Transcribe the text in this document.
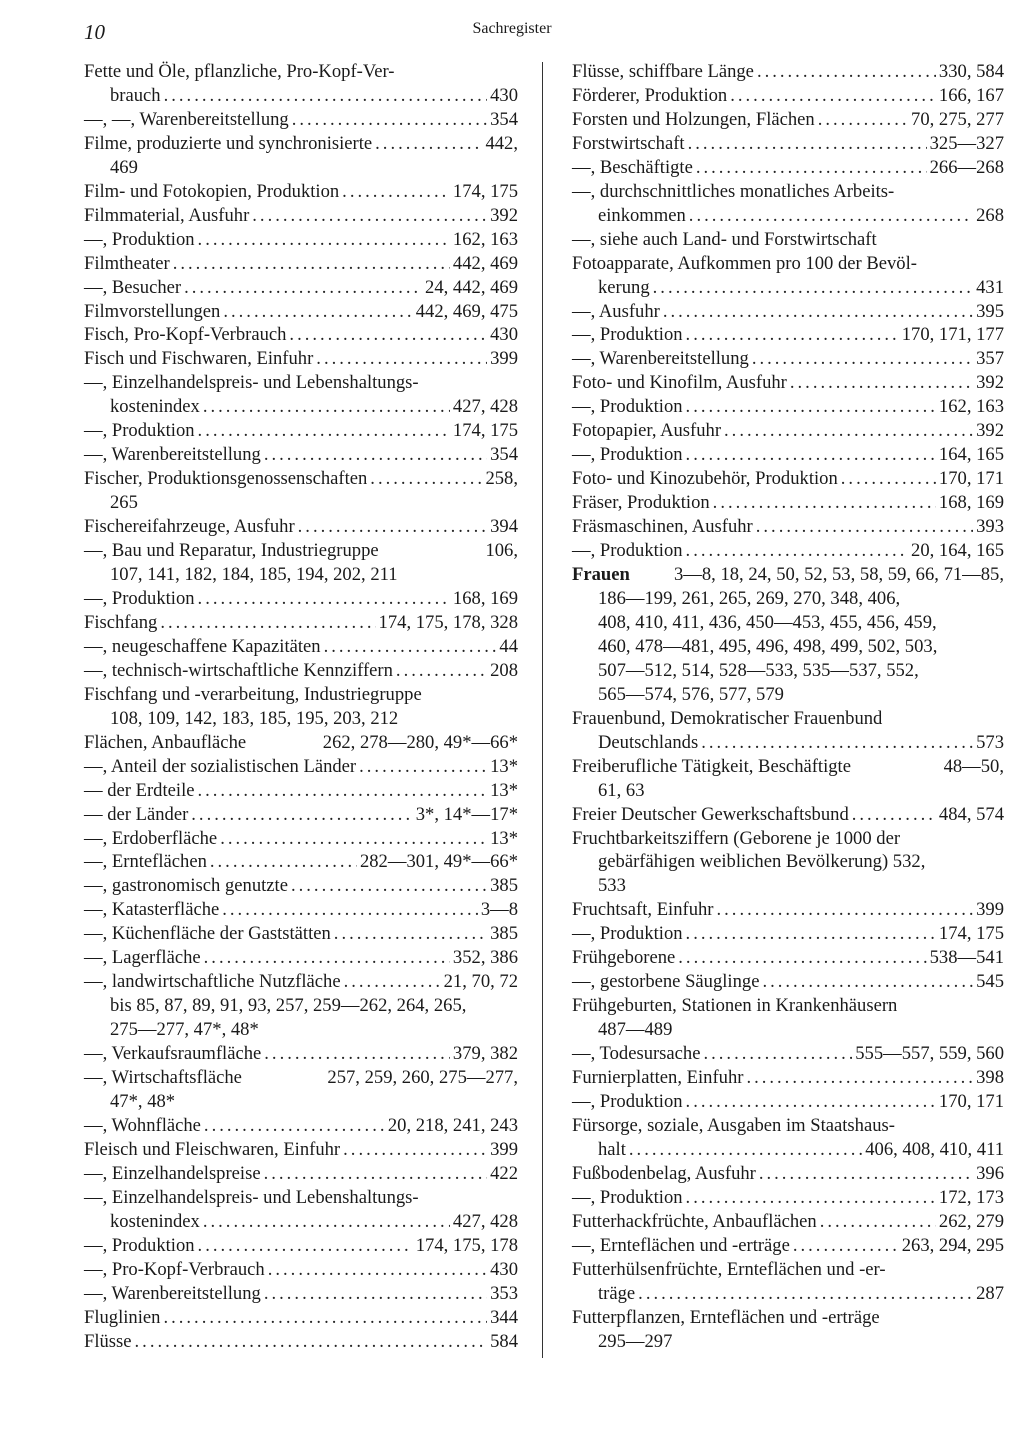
10	Sachregister
Fette und Öle, pflanzliche, Pro-Kopf-Ver-
brauch .....	430
—, —, Warenbereitstellung .....	354
Filme, produzierte und synchronisierte .....	442,
469
Film- und Fotokopien, Produktion .....	174, 175
Filmmaterial, Ausfuhr .....	392
—, Produktion .....	162, 163
Filmtheater .....	442, 469
—, Besucher .....	24, 442, 469
Filmvorstellungen .....	442, 469, 475
Fisch, Pro-Kopf-Verbrauch .....	430
Fisch und Fischwaren, Einfuhr .....	399
—, Einzelhandelspreis- und Lebenshaltungs-
kostenindex .....	427, 428
—, Produktion .....	174, 175
—, Warenbereitstellung .....	354
Fischer, Produktionsgenossenschaften .....	258,
265
Fischereifahrzeuge, Ausfuhr .....	394
—, Bau und Reparatur, Industriegruppe	106,
107, 141, 182, 184, 185, 194, 202, 211
—, Produktion .....	168, 169
Fischfang .....	174, 175, 178, 328
—, neugeschaffene Kapazitäten .....	44
—, technisch-wirtschaftliche Kennziffern .....	208
Fischfang und -verarbeitung, Industriegruppe
108, 109, 142, 183, 185, 195, 203, 212
Flächen, Anbaufläche	262, 278—280, 49*—66*
—, Anteil der sozialistischen Länder .....	13*
— der Erdteile .....	13*
— der Länder .....	3*, 14*—17*
—, Erdoberfläche .....	13*
—, Ernteflächen .....	282—301, 49*—66*
—, gastronomisch genutzte .....	385
—, Katasterfläche .....	3—8
—, Küchenfläche der Gaststätten .....	385
—, Lagerfläche .....	352, 386
—, landwirtschaftliche Nutzfläche .....	21, 70, 72
bis 85, 87, 89, 91, 93, 257, 259—262, 264, 265,
275—277, 47*, 48*
—, Verkaufsraumfläche .....	379, 382
—, Wirtschaftsfläche	257, 259, 260, 275—277,
47*, 48*
—, Wohnfläche .....	20, 218, 241, 243
Fleisch und Fleischwaren, Einfuhr .....	399
—, Einzelhandelspreise .....	422
—, Einzelhandelspreis- und Lebenshaltungs-
kostenindex .....	427, 428
—, Produktion .....	174, 175, 178
—, Pro-Kopf-Verbrauch .....	430
—, Warenbereitstellung .....	353
Fluglinien .....	344
Flüsse .....	584
Flüsse, schiffbare Länge .....	330, 584
Förderer, Produktion .....	166, 167
Forsten und Holzungen, Flächen .....	70, 275, 277
Forstwirtschaft .....	325—327
—, Beschäftigte .....	266—268
—, durchschnittliches monatliches Arbeits-
einkommen .....	268
—, siehe auch Land- und Forstwirtschaft
Fotoapparate, Aufkommen pro 100 der Bevöl-
kerung .....	431
—, Ausfuhr .....	395
—, Produktion .....	170, 171, 177
—, Warenbereitstellung .....	357
Foto- und Kinofilm, Ausfuhr .....	392
—, Produktion .....	162, 163
Fotopapier, Ausfuhr .....	392
—, Produktion .....	164, 165
Foto- und Kinozubehör, Produktion .....	170, 171
Fräser, Produktion .....	168, 169
Fräsmaschinen, Ausfuhr .....	393
—, Produktion .....	20, 164, 165
Frauen 3—8, 18, 24, 50, 52, 53, 58, 59, 66, 71—85,
186—199, 261, 265, 269, 270, 348, 406,
408, 410, 411, 436, 450—453, 455, 456, 459,
460, 478—481, 495, 496, 498, 499, 502, 503,
507—512, 514, 528—533, 535—537, 552,
565—574, 576, 577, 579
Frauenbund, Demokratischer Frauenbund
Deutschlands .....	573
Freiberufliche Tätigkeit, Beschäftigte	48—50,
61, 63
Freier Deutscher Gewerkschaftsbund .....	484, 574
Fruchtbarkeitsziffern (Geborene je 1000 der
gebärfähigen weiblichen Bevölkerung) 532,
533
Fruchtsaft, Einfuhr .....	399
—, Produktion .....	174, 175
Frühgeborene .....	538—541
—, gestorbene Säuglinge .....	545
Frühgeburten, Stationen in Krankenhäusern
487—489
—, Todesursache .....	555—557, 559, 560
Furnierplatten, Einfuhr .....	398
—, Produktion .....	170, 171
Fürsorge, soziale, Ausgaben im Staatshaus-
halt .....	406, 408, 410, 411
Fußbodenbelag, Ausfuhr .....	396
—, Produktion .....	172, 173
Futterhackfrüchte, Anbauflächen .....	262, 279
—, Ernteflächen und -erträge .....	263, 294, 295
Futterhülsenfrüchte, Ernteflächen und -er-
träge .....	287
Futterpflanzen, Ernteflächen und -erträge
295—297
